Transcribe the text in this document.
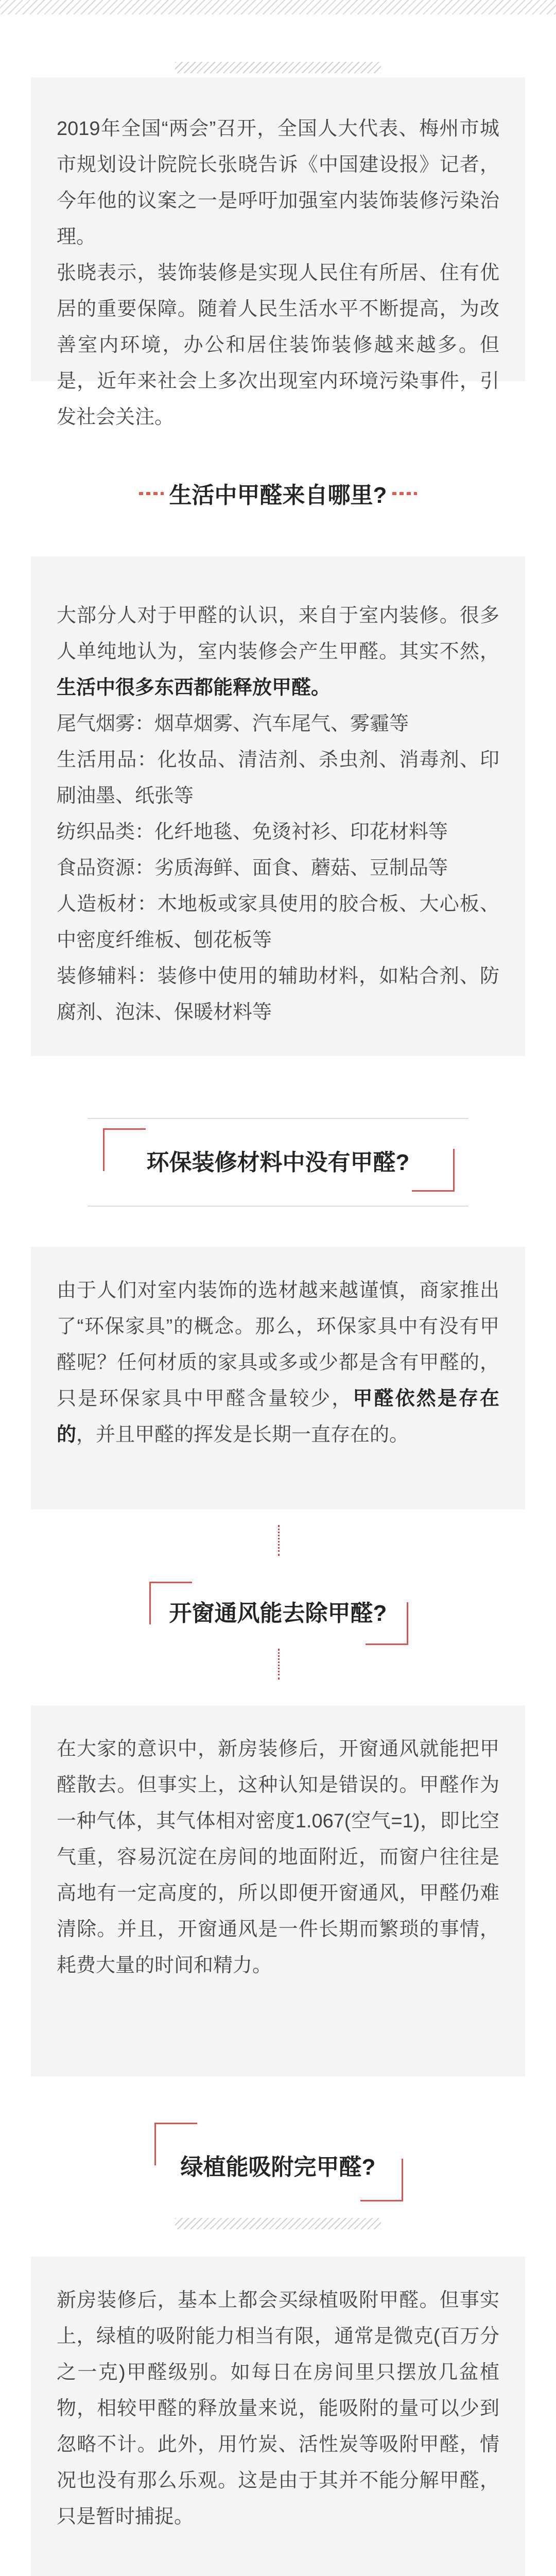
2019年全国“两会”召开，全国人大代表、梅州市城市规划设计院院长张晓告诉《中国建设报》记者，今年他的议案之一是呼吁加强室内装饰装修污染治理。

张晓表示，装饰装修是实现人民住有所居、住有优居的重要保障。随着人民生活水平不断提高，为改善室内环境，办公和居住装饰装修越来越多。但是，近年来社会上多次出现室内环境污染事件，引发社会关注。

生活中甲醛来自哪里?

大部分人对于甲醛的认识，来自于室内装修。很多人单纯地认为，室内装修会产生甲醛。其实不然，生活中很多东西都能释放甲醛。

尾气烟雾：烟草烟雾、汽车尾气、雾霾等

生活用品：化妆品、清洁剂、杀虫剂、消毒剂、印刷油墨、纸张等

纺织品类：化纤地毯、免烫衬衫、印花材料等

食品资源：劣质海鲜、面食、蘑菇、豆制品等

人造板材：木地板或家具使用的胶合板、大心板、中密度纤维板、刨花板等

装修辅料：装修中使用的辅助材料，如粘合剂、防腐剂、泡沫、保暖材料等

环保装修材料中没有甲醛?

由于人们对室内装饰的选材越来越谨慎，商家推出了“环保家具”的概念。那么，环保家具中有没有甲醛呢？任何材质的家具或多或少都是含有甲醛的，只是环保家具中甲醛含量较少，甲醛依然是存在的，并且甲醛的挥发是长期一直存在的。

开窗通风能去除甲醛?

在大家的意识中，新房装修后，开窗通风就能把甲醛散去。但事实上，这种认知是错误的。甲醛作为一种气体，其气体相对密度1.067(空气=1)，即比空气重，容易沉淀在房间的地面附近，而窗户往往是高地有一定高度的，所以即便开窗通风，甲醛仍难清除。并且，开窗通风是一件长期而繁琐的事情，耗费大量的时间和精力。

绿植能吸附完甲醛?

新房装修后，基本上都会买绿植吸附甲醛。但事实上，绿植的吸附能力相当有限，通常是微克(百万分之一克)甲醛级别。如每日在房间里只摆放几盆植物，相较甲醛的释放量来说，能吸附的量可以少到忽略不计。此外，用竹炭、活性炭等吸附甲醛，情况也没有那么乐观。这是由于其并不能分解甲醛，只是暂时捕捉。
